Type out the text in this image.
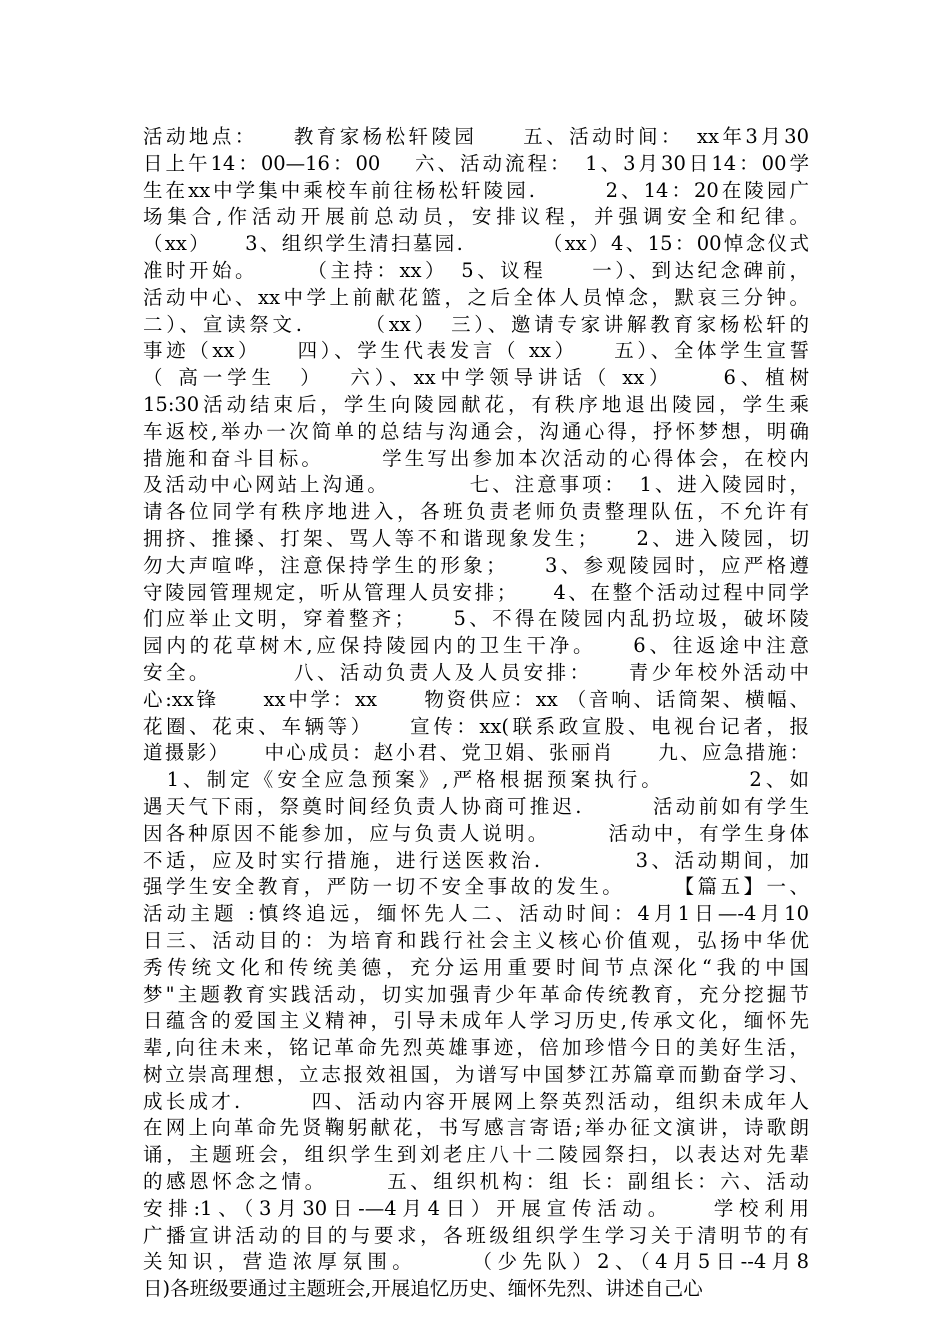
活动地点：　　教育家杨松轩陵园　　五、活动时间：　xx年3月30
日上午14：00—16：00　 六、活动流程：　1、3月30日14：00学
生在xx中学集中乘校车前往杨松轩陵园.　　　2、14：20在陵园广
场集合,作活动开展前总动员，安排议程，并强调安全和纪律。
（xx）　　3、组织学生清扫墓园.　　　　（xx）4、15：00悼念仪式
准时开始。　　　（主持：xx）　5、议程　　一）、到达纪念碑前，
活动中心、xx中学上前献花篮，之后全体人员悼念，默哀三分钟。
二）、宣读祭文.　　　（xx）　三）、邀请专家讲解教育家杨松轩的
事迹（xx）　　四）、学生代表发言（ xx）　　五）、全体学生宣誓
（ 高一学生　）　 六）、xx中学领导讲话（ xx）　　 6、植树
15:30活动结束后，学生向陵园献花，有秩序地退出陵园，学生乘
车返校,举办一次简单的总结与沟通会，沟通心得，抒怀梦想，明确
措施和奋斗目标。　　　学生写出参加本次活动的心得体会，在校内
及活动中心网站上沟通。　　　　七、注意事项：　1、进入陵园时，
请各位同学有秩序地进入，各班负责老师负责整理队伍，不允许有
拥挤、推搡、打架、骂人等不和谐现象发生；　　2、进入陵园，切
勿大声喧哗，注意保持学生的形象；　　3、参观陵园时，应严格遵
守陵园管理规定，听从管理人员安排；　　4、在整个活动过程中同学
们应举止文明，穿着整齐；　　5、不得在陵园内乱扔垃圾，破坏陵
园内的花草树木,应保持陵园内的卫生干净。　　6、往返途中注意
安全。　　　　八、活动负责人及人员安排：　　青少年校外活动中
心:xx锋　　xx中学：xx　　物资供应：xx （音响、话筒架、横幅、
花圈、花束、车辆等）　　宣传：xx(联系政宣股、电视台记者，报
道摄影）　　中心成员：赵小君、党卫娟、张丽肖　　九、应急措施：
　1、制定《安全应急预案》,严格根据预案执行。　　　　2、如
遇天气下雨，祭奠时间经负责人协商可推迟.　　　活动前如有学生
因各种原因不能参加，应与负责人说明。　　　活动中，有学生身体
不适，应及时实行措施，进行送医救治.　　　　3、活动期间，加
强学生安全教育，严防一切不安全事故的发生。　　　【篇五】一、
活动主题 :慎终追远，缅怀先人二、活动时间：4月1日—-4月10
日三、活动目的：为培育和践行社会主义核心价值观，弘扬中华优
秀传统文化和传统美德，充分运用重要时间节点深化“我的中国
梦"主题教育实践活动，切实加强青少年革命传统教育，充分挖掘节
日蕴含的爱国主义精神，引导未成年人学习历史,传承文化，缅怀先
辈,向往未来，铭记革命先烈英雄事迹，倍加珍惜今日的美好生活，
树立崇高理想，立志报效祖国，为谱写中国梦江苏篇章而勤奋学习、
成长成才.　　　四、活动内容开展网上祭英烈活动，组织未成年人
在网上向革命先贤鞠躬献花，书写感言寄语;举办征文演讲，诗歌朗
诵，主题班会，组织学生到刘老庄八十二陵园祭扫，以表达对先辈
的感恩怀念之情。　　　五、组织机构：组 长：副组长：六、活动
安排:1、（3月30日-—4月4日）开展宣传活动。　　学校利用
广播宣讲活动的目的与要求，各班级组织学生学习关于清明节的有
关知识，营造浓厚氛围。　　　（少先队）2、（4月5日--4月8
日)各班级要通过主题班会,开展追忆历史、缅怀先烈、讲述自己心
